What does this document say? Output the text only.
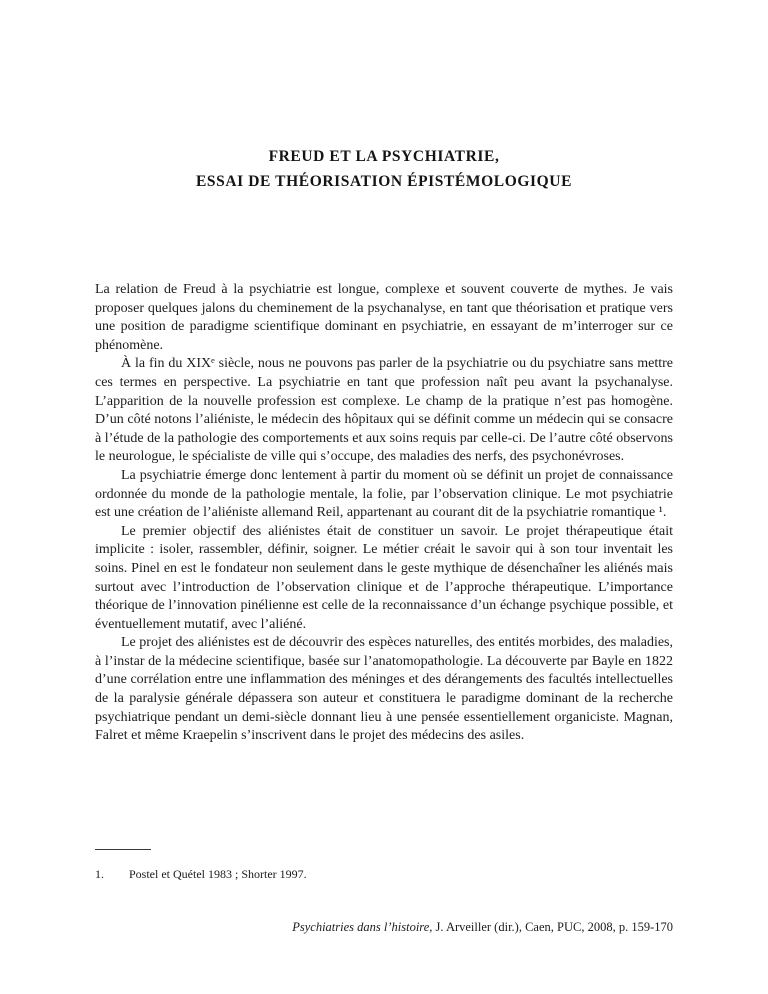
FREUD ET LA PSYCHIATRIE,
ESSAI DE THÉORISATION ÉPISTÉMOLOGIQUE

La relation de Freud à la psychiatrie est longue, complexe et souvent couverte de mythes. Je vais proposer quelques jalons du cheminement de la psychanalyse, en tant que théorisation et pratique vers une position de paradigme scientifique dominant en psychiatrie, en essayant de m’interroger sur ce phénomène.

À la fin du XIXᵉ siècle, nous ne pouvons pas parler de la psychiatrie ou du psychiatre sans mettre ces termes en perspective. La psychiatrie en tant que profession naît peu avant la psychanalyse. L’apparition de la nouvelle profession est complexe. Le champ de la pratique n’est pas homogène. D’un côté notons l’aliéniste, le médecin des hôpitaux qui se définit comme un médecin qui se consacre à l’étude de la pathologie des comportements et aux soins requis par celle-ci. De l’autre côté observons le neurologue, le spécialiste de ville qui s’occupe, des maladies des nerfs, des psychonévroses.

La psychiatrie émerge donc lentement à partir du moment où se définit un projet de connaissance ordonnée du monde de la pathologie mentale, la folie, par l’observation clinique. Le mot psychiatrie est une création de l’aliéniste allemand Reil, appartenant au courant dit de la psychiatrie romantique ¹.

Le premier objectif des aliénistes était de constituer un savoir. Le projet thérapeutique était implicite : isoler, rassembler, définir, soigner. Le métier créait le savoir qui à son tour inventait les soins. Pinel en est le fondateur non seulement dans le geste mythique de désenchaîner les aliénés mais surtout avec l’introduction de l’observation clinique et de l’approche thérapeutique. L’importance théorique de l’innovation pinélienne est celle de la reconnaissance d’un échange psychique possible, et éventuellement mutatif, avec l’aliéné.

Le projet des aliénistes est de découvrir des espèces naturelles, des entités morbides, des maladies, à l’instar de la médecine scientifique, basée sur l’anatomopathologie. La découverte par Bayle en 1822 d’une corrélation entre une inflammation des méninges et des dérangements des facultés intellectuelles de la paralysie générale dépassera son auteur et constituera le paradigme dominant de la recherche psychiatrique pendant un demi-siècle donnant lieu à une pensée essentiellement organiciste. Magnan, Falret et même Kraepelin s’inscrivent dans le projet des médecins des asiles.

1. Postel et Quétel 1983 ; Shorter 1997.
Psychiatries dans l’histoire, J. Arveiller (dir.), Caen, PUC, 2008, p. 159-170
